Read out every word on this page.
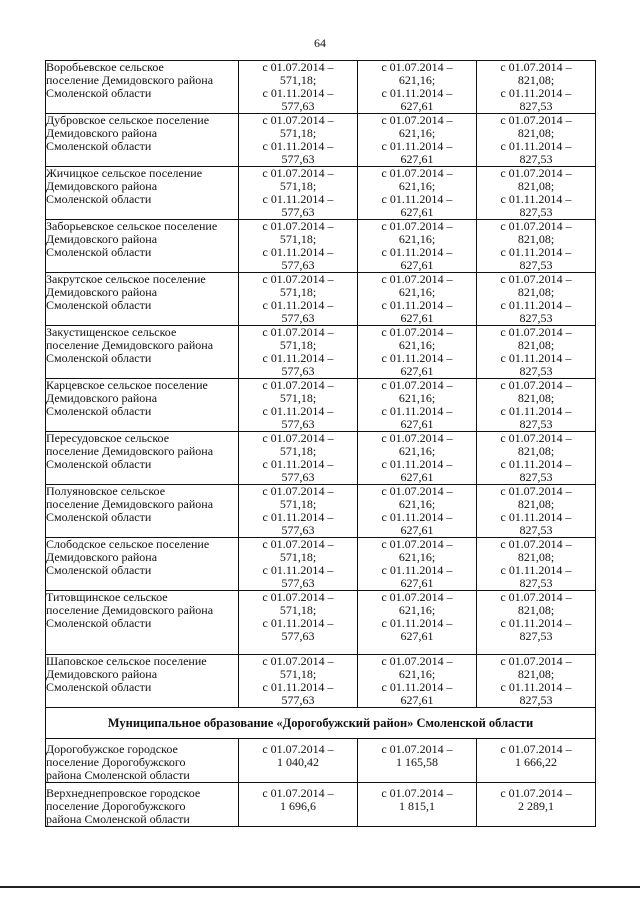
64
Воробьевское сельское
поселение Демидовского района
Смоленской области	с 01.07.2014 –
571,18;
с 01.11.2014 –
577,63	с 01.07.2014 –
621,16;
с 01.11.2014 –
627,61	с 01.07.2014 –
821,08;
с 01.11.2014 –
827,53

Дубровское сельское поселение
Демидовского района
Смоленской области	с 01.07.2014 –
571,18;
с 01.11.2014 –
577,63	с 01.07.2014 –
621,16;
с 01.11.2014 –
627,61	с 01.07.2014 –
821,08;
с 01.11.2014 –
827,53

Жичицкое сельское поселение
Демидовского района
Смоленской области	с 01.07.2014 –
571,18;
с 01.11.2014 –
577,63	с 01.07.2014 –
621,16;
с 01.11.2014 –
627,61	с 01.07.2014 –
821,08;
с 01.11.2014 –
827,53

Заборьевское сельское поселение
Демидовского района
Смоленской области	с 01.07.2014 –
571,18;
с 01.11.2014 –
577,63	с 01.07.2014 –
621,16;
с 01.11.2014 –
627,61	с 01.07.2014 –
821,08;
с 01.11.2014 –
827,53

Закрутское сельское поселение
Демидовского района
Смоленской области	с 01.07.2014 –
571,18;
с 01.11.2014 –
577,63	с 01.07.2014 –
621,16;
с 01.11.2014 –
627,61	с 01.07.2014 –
821,08;
с 01.11.2014 –
827,53

Закустищенское сельское
поселение Демидовского района
Смоленской области	с 01.07.2014 –
571,18;
с 01.11.2014 –
577,63	с 01.07.2014 –
621,16;
с 01.11.2014 –
627,61	с 01.07.2014 –
821,08;
с 01.11.2014 –
827,53

Карцевское сельское поселение
Демидовского района
Смоленской области	с 01.07.2014 –
571,18;
с 01.11.2014 –
577,63	с 01.07.2014 –
621,16;
с 01.11.2014 –
627,61	с 01.07.2014 –
821,08;
с 01.11.2014 –
827,53

Пересудовское сельское
поселение Демидовского района
Смоленской области	с 01.07.2014 –
571,18;
с 01.11.2014 –
577,63	с 01.07.2014 –
621,16;
с 01.11.2014 –
627,61	с 01.07.2014 –
821,08;
с 01.11.2014 –
827,53

Полуяновское сельское
поселение Демидовского района
Смоленской области	с 01.07.2014 –
571,18;
с 01.11.2014 –
577,63	с 01.07.2014 –
621,16;
с 01.11.2014 –
627,61	с 01.07.2014 –
821,08;
с 01.11.2014 –
827,53

Слободское сельское поселение
Демидовского района
Смоленской области	с 01.07.2014 –
571,18;
с 01.11.2014 –
577,63	с 01.07.2014 –
621,16;
с 01.11.2014 –
627,61	с 01.07.2014 –
821,08;
с 01.11.2014 –
827,53

Титовщинское сельское
поселение Демидовского района
Смоленской области	с 01.07.2014 –
571,18;
с 01.11.2014 –
577,63	с 01.07.2014 –
621,16;
с 01.11.2014 –
627,61	с 01.07.2014 –
821,08;
с 01.11.2014 –
827,53

Шаповское сельское поселение
Демидовского района
Смоленской области	с 01.07.2014 –
571,18;
с 01.11.2014 –
577,63	с 01.07.2014 –
621,16;
с 01.11.2014 –
627,61	с 01.07.2014 –
821,08;
с 01.11.2014 –
827,53

Муниципальное образование «Дорогобужский район» Смоленской области			

Дорогобужское городское
поселение Дорогобужского
района Смоленской области	с 01.07.2014 –
1 040,42	с 01.07.2014 –
1 165,58	с 01.07.2014 –
1 666,22

Верхнеднепровское городское
поселение Дорогобужского
района Смоленской области	с 01.07.2014 –
1 696,6	с 01.07.2014 –
1 815,1	с 01.07.2014 –
2 289,1
